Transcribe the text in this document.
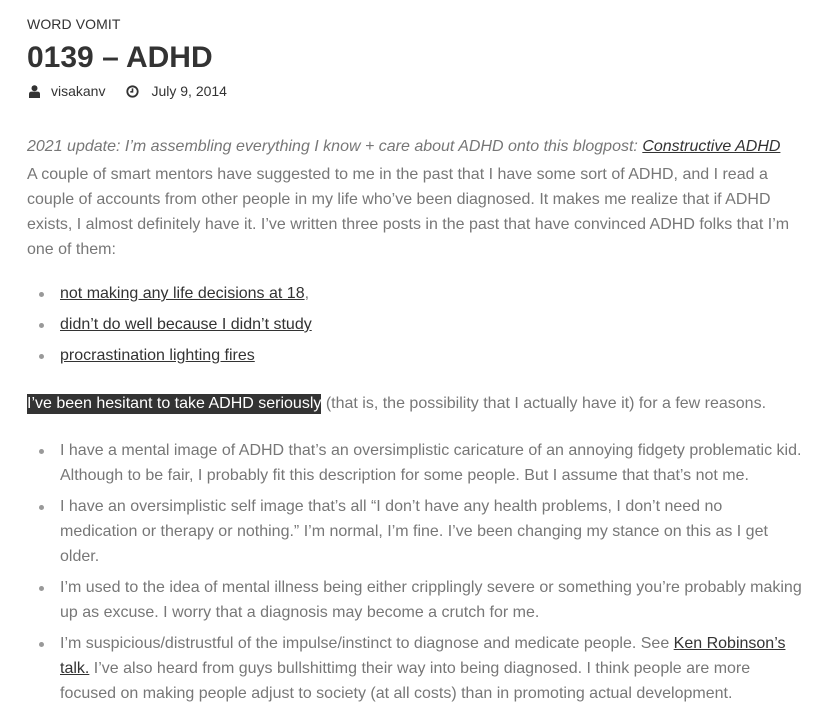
WORD VOMIT
0139 – ADHD
visakanv	July 9, 2014

2021 update: I’m assembling everything I know + care about ADHD onto this blogpost: Constructive ADHD

A couple of smart mentors have suggested to me in the past that I have some sort of ADHD, and I read a couple of accounts from other people in my life who’ve been diagnosed. It makes me realize that if ADHD exists, I almost definitely have it. I’ve written three posts in the past that have convinced ADHD folks that I’m one of them:

not making any life decisions at 18,
didn’t do well because I didn’t study
procrastination lighting fires

I’ve been hesitant to take ADHD seriously (that is, the possibility that I actually have it) for a few reasons.

I have a mental image of ADHD that’s an oversimplistic caricature of an annoying fidgety problematic kid. Although to be fair, I probably fit this description for some people. But I assume that that’s not me.
I have an oversimplistic self image that’s all “I don’t have any health problems, I don’t need no medication or therapy or nothing.” I’m normal, I’m fine. I’ve been changing my stance on this as I get older.
I’m used to the idea of mental illness being either cripplingly severe or something you’re probably making up as excuse. I worry that a diagnosis may become a crutch for me.
I’m suspicious/distrustful of the impulse/instinct to diagnose and medicate people. See Ken Robinson’s talk. I’ve also heard from guys bullshittimg their way into being diagnosed. I think people are more focused on making people adjust to society (at all costs) than in promoting actual development.
